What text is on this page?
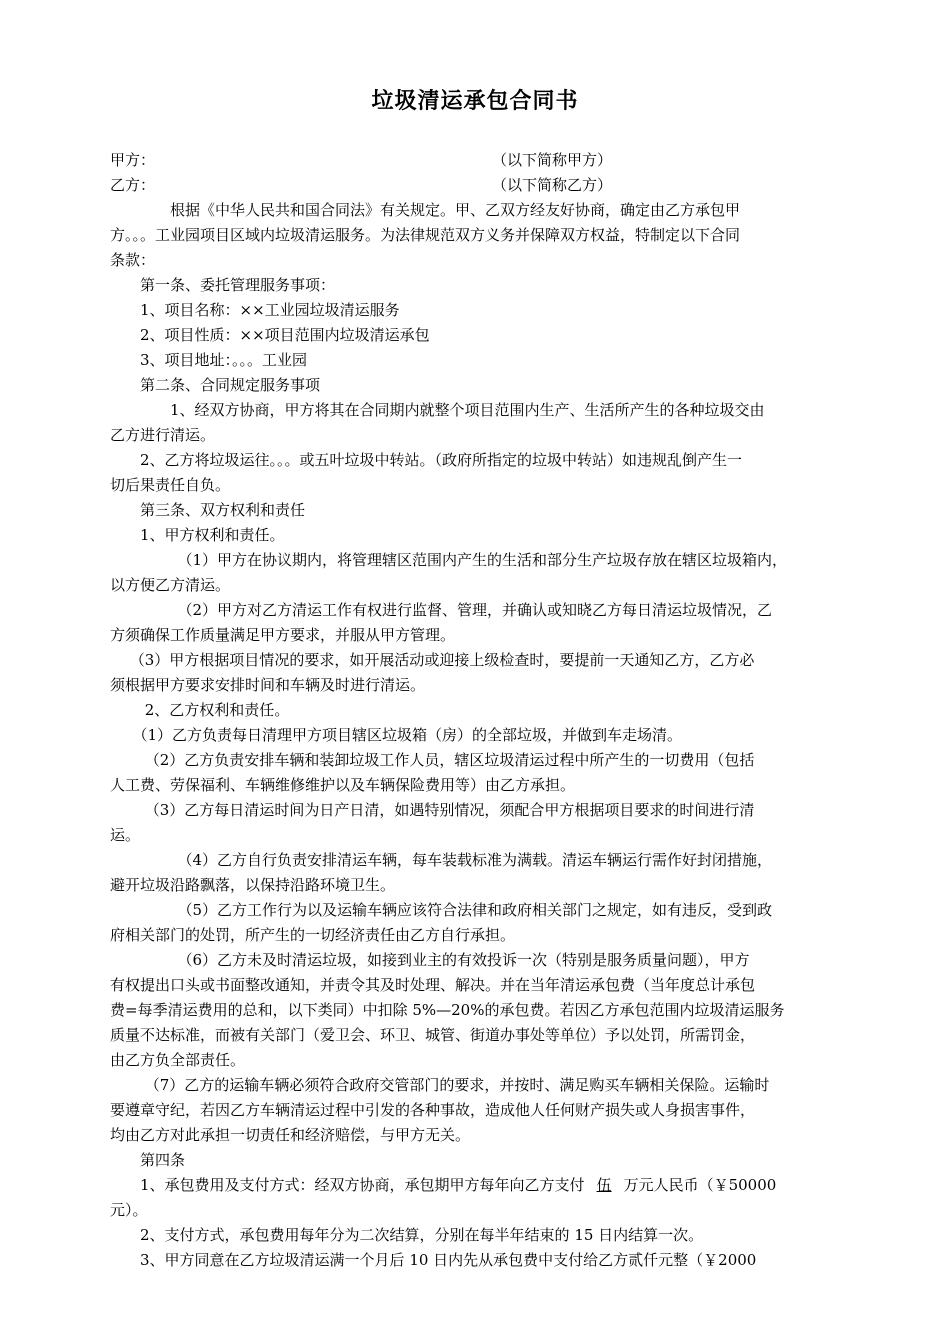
垃圾清运承包合同书
甲方：	（以下简称甲方）
乙方：	（以下简称乙方）
　　　　根据《中华人民共和国合同法》有关规定。甲、乙双方经友好协商，确定由乙方承包甲
方。。。工业园项目区域内垃圾清运服务。为法律规范双方义务并保障双方权益，特制定以下合同
条款：
　　第一条、委托管理服务事项：
　　1、项目名称：××工业园垃圾清运服务
　　2、项目性质：××项目范围内垃圾清运承包
　　3、项目地址：。。。工业园
　　第二条、合同规定服务事项
　　　　1、经双方协商，甲方将其在合同期内就整个项目范围内生产、生活所产生的各种垃圾交由
乙方进行清运。
　　2、乙方将垃圾运往。。。或五叶垃圾中转站。（政府所指定的垃圾中转站）如违规乱倒产生一
切后果责任自负。
　　第三条、双方权利和责任
　　1、甲方权利和责任。
　　　　　（1）甲方在协议期内，将管理辖区范围内产生的生活和部分生产垃圾存放在辖区垃圾箱内，
以方便乙方清运。
　　　　　（2）甲方对乙方清运工作有权进行监督、管理，并确认或知晓乙方每日清运垃圾情况，乙
方须确保工作质量满足甲方要求，并服从甲方管理。
　 （3）甲方根据项目情况的要求，如开展活动或迎接上级检查时，要提前一天通知乙方，乙方必
须根据甲方要求安排时间和车辆及时进行清运。
　　 2、乙方权利和责任。
　　（1）乙方负责每日清理甲方项目辖区垃圾箱（房）的全部垃圾，并做到车走场清。
　　 （2）乙方负责安排车辆和装卸垃圾工作人员，辖区垃圾清运过程中所产生的一切费用（包括
人工费、劳保福利、车辆维修维护以及车辆保险费用等）由乙方承担。
　　 （3）乙方每日清运时间为日产日清，如遇特别情况，须配合甲方根据项目要求的时间进行清
运。
　　　　　（4）乙方自行负责安排清运车辆，每车装载标准为满载。清运车辆运行需作好封闭措施，
避开垃圾沿路飘落，以保持沿路环境卫生。
　　　　　（5）乙方工作行为以及运输车辆应该符合法律和政府相关部门之规定，如有违反，受到政
府相关部门的处罚，所产生的一切经济责任由乙方自行承担。
　　　　　（6）乙方未及时清运垃圾，如接到业主的有效投诉一次（特别是服务质量问题），甲方
有权提出口头或书面整改通知，并责令其及时处理、解决。并在当年清运承包费（当年度总计承包
费=每季清运费用的总和，以下类同）中扣除 5%—20%的承包费。若因乙方承包范围内垃圾清运服务
质量不达标准，而被有关部门（爱卫会、环卫、城管、街道办事处等单位）予以处罚，所需罚金，
由乙方负全部责任。
　　 （7）乙方的运输车辆必须符合政府交管部门的要求，并按时、满足购买车辆相关保险。运输时
要遵章守纪，若因乙方车辆清运过程中引发的各种事故，造成他人任何财产损失或人身损害事件，
均由乙方对此承担一切责任和经济赔偿，与甲方无关。
　　第四条
　　1、承包费用及支付方式：经双方协商，承包期甲方每年向乙方支付 伍 万元人民币（￥50000
元）。
　　2、支付方式，承包费用每年分为二次结算，分别在每半年结束的 15 日内结算一次。
　　3、甲方同意在乙方垃圾清运满一个月后 10 日内先从承包费中支付给乙方贰仟元整（￥2000
